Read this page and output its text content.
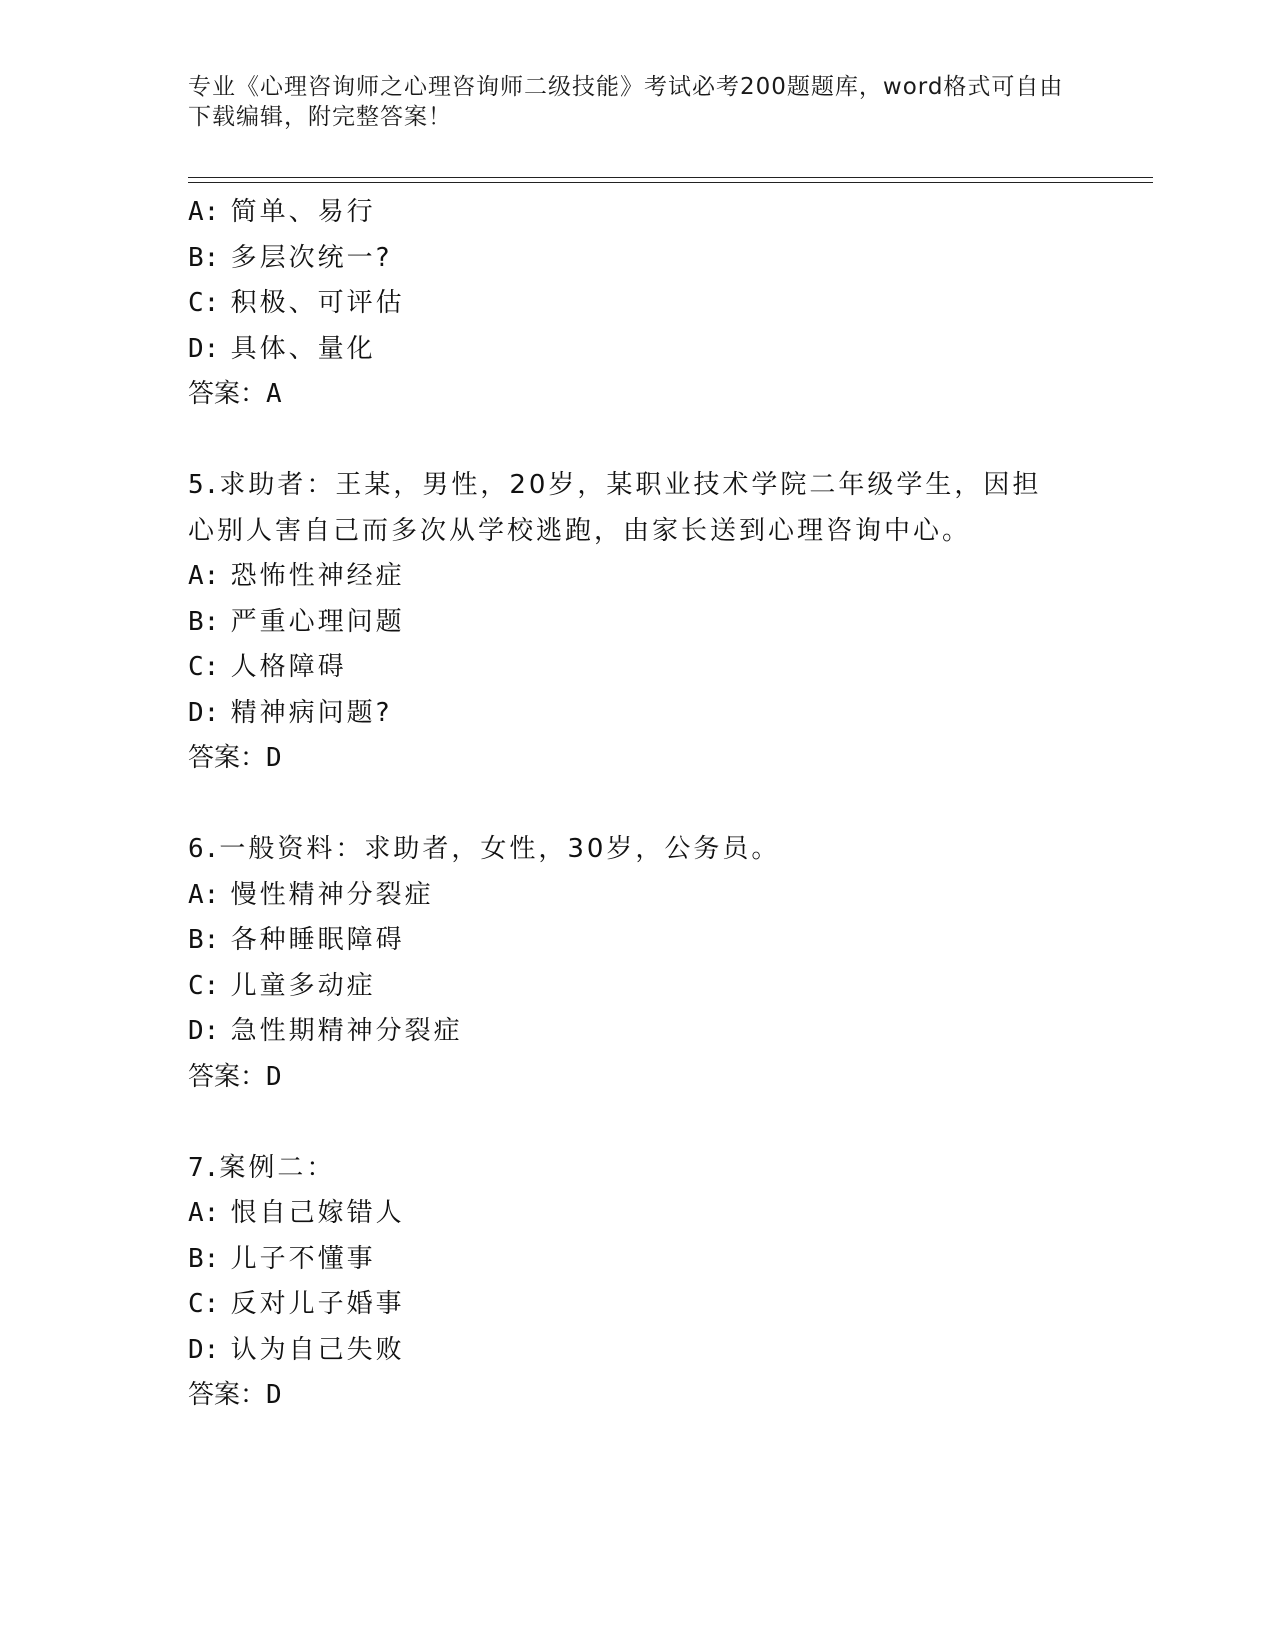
专业《心理咨询师之心理咨询师二级技能》考试必考200题题库，word格式可自由下载编辑，附完整答案！
A: 简单、易行
B: 多层次统一?
C: 积极、可评估
D: 具体、量化
答案：A
5.求助者：王某，男性，20岁，某职业技术学院二年级学生，因担心别人害自己而多次从学校逃跑，由家长送到心理咨询中心。
A: 恐怖性神经症
B: 严重心理问题
C: 人格障碍
D: 精神病问题?
答案：D
6.一般资料：求助者，女性，30岁，公务员。
A: 慢性精神分裂症
B: 各种睡眠障碍
C: 儿童多动症
D: 急性期精神分裂症
答案：D
7.案例二：
A: 恨自己嫁错人
B: 儿子不懂事
C: 反对儿子婚事
D: 认为自己失败
答案：D
